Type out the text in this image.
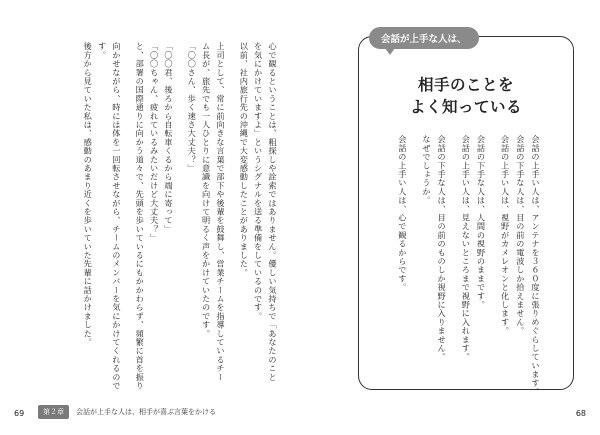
心で観るということは、粗探しや詮索ではありません。優しい気持ちで「あなたのこと

を気にかけていますよ」というシグナルを送る準備をしているのです。

以前、社内旅行先の沖縄で大変感動したことがありました。

上司として、常に前向きな言葉で部下や後輩を鼓舞し、営業チームを指導しているチー

ム長が、旅先でも一人ひとりに意識を向けて明るく声をかけていたのです。

「〇〇さん、歩く速さ大丈夫？」

「〇〇君、後ろから自転車くるから端に寄って」

「〇〇ちゃん、疲れているみたいだけど大丈夫？」

と、部署の国際通りに向かう道々で、先頭を歩いているにもかかわらず、頻繁に首を振り

向かせながら、時には体を一回転させながら、チームのメンバーを気にかけてくれるので

す。

後方から見ていた私は、感動のあまり近くを歩いていた先輩に話かけました。

69	第２章	会話が上手な人は、相手が喜ぶ言葉をかける
会話が上手な人は、
相手のことを
よく知っている

会話の上手い人は、アンテナを３６０度に張りめぐらしています。

会話の下手な人は、目の前の電波しか拾えません。

会話の上手い人は、視野がカメレオンと化します。

会話の下手な人は、人間の視野のままです。

会話の上手い人は、見えないところまで視野に入れます。

会話の下手な人は、目の前のものしか視野に入りません。

なぜでしょうか。

会話の上手い人は、心で観るからです。

68
